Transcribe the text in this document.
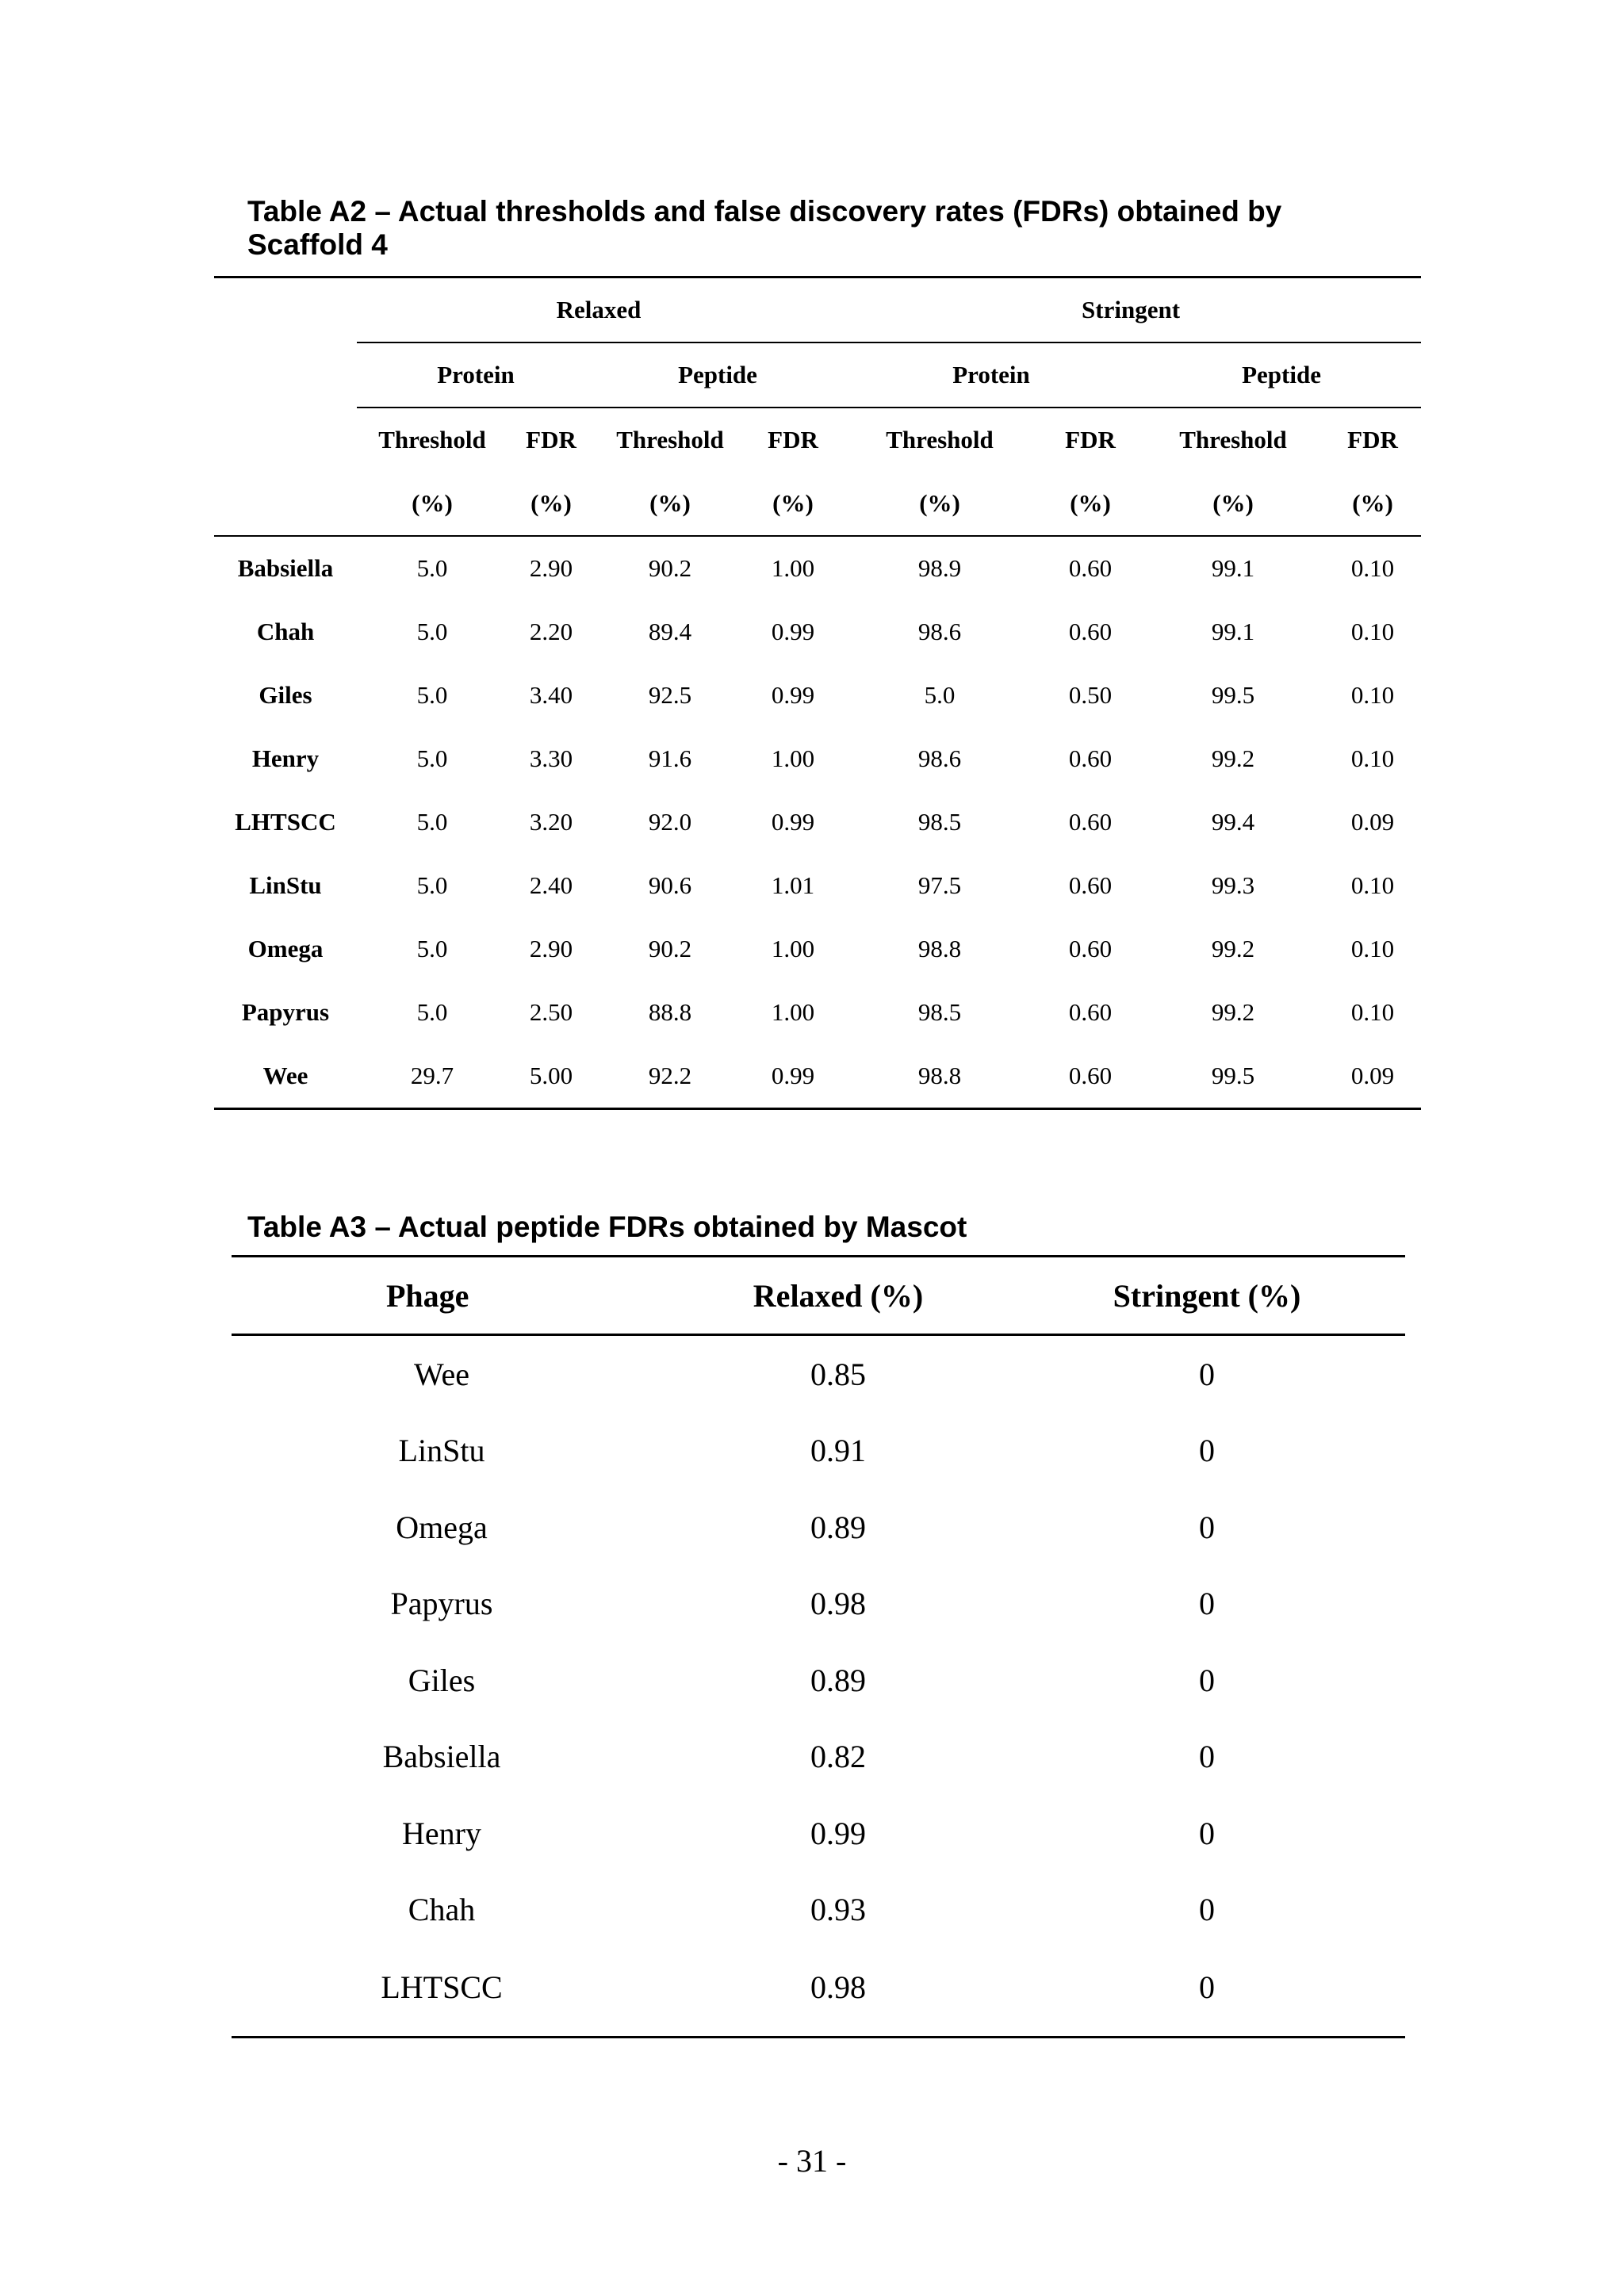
Table A2 – Actual thresholds and false discovery rates (FDRs) obtained by Scaffold 4
	Relaxed				Stringent			
	Protein		Peptide		Protein		Peptide	
	Threshold	FDR	Threshold	FDR	Threshold	FDR	Threshold	FDR
	(%)	(%)	(%)	(%)	(%)	(%)	(%)	(%)
Babsiella	5.0	2.90	90.2	1.00	98.9	0.60	99.1	0.10
Chah	5.0	2.20	89.4	0.99	98.6	0.60	99.1	0.10
Giles	5.0	3.40	92.5	0.99	5.0	0.50	99.5	0.10
Henry	5.0	3.30	91.6	1.00	98.6	0.60	99.2	0.10
LHTSCC	5.0	3.20	92.0	0.99	98.5	0.60	99.4	0.09
LinStu	5.0	2.40	90.6	1.01	97.5	0.60	99.3	0.10
Omega	5.0	2.90	90.2	1.00	98.8	0.60	99.2	0.10
Papyrus	5.0	2.50	88.8	1.00	98.5	0.60	99.2	0.10
Wee	29.7	5.00	92.2	0.99	98.8	0.60	99.5	0.09
Table A3 – Actual peptide FDRs obtained by Mascot
Phage	Relaxed (%)	Stringent (%)
Wee	0.85	0
LinStu	0.91	0
Omega	0.89	0
Papyrus	0.98	0
Giles	0.89	0
Babsiella	0.82	0
Henry	0.99	0
Chah	0.93	0
LHTSCC	0.98	0
- 31 -
